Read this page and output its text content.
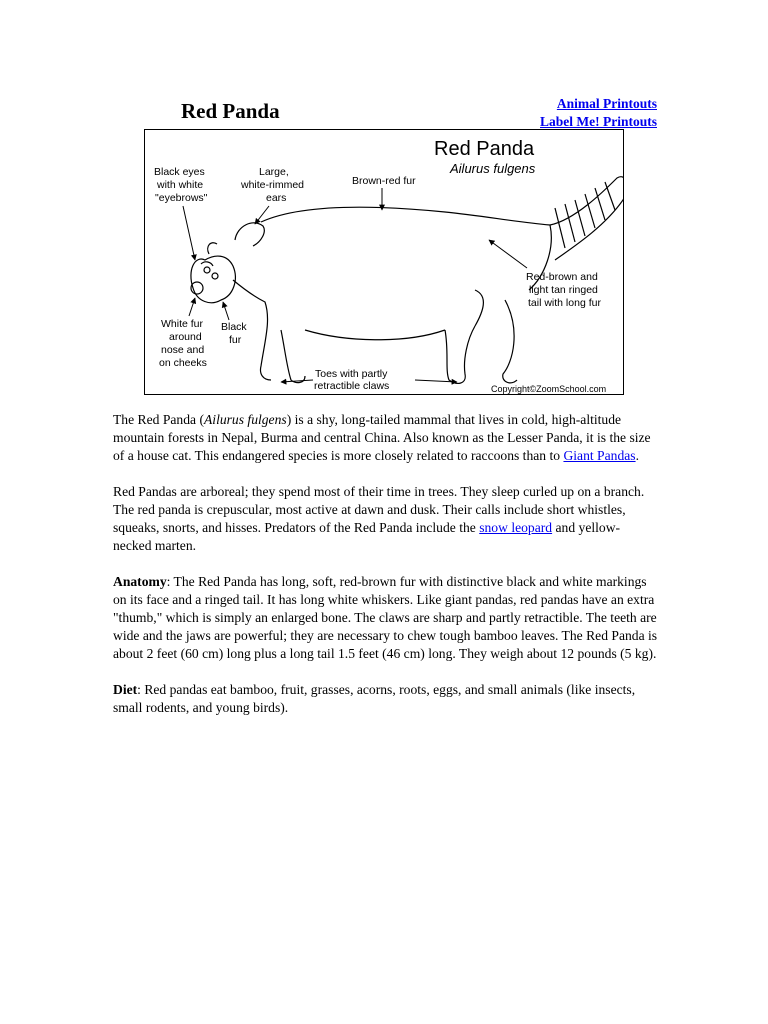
Red Panda	Animal Printouts
Label Me! Printouts
Red Panda
Ailurus fulgens
Black eyes with white "eyebrows"
Large, white-rimmed ears
Brown-red fur
Red-brown and light tan ringed tail with long fur
White fur around nose and on cheeks
Black fur
Toes with partly retractible claws	Copyright©ZoomSchool.com

The Red Panda (Ailurus fulgens) is a shy, long-tailed mammal that lives in cold, high-altitude mountain forests in Nepal, Burma and central China. Also known as the Lesser Panda, it is the size of a house cat. This endangered species is more closely related to raccoons than to Giant Pandas.

Red Pandas are arboreal; they spend most of their time in trees. They sleep curled up on a branch. The red panda is crepuscular, most active at dawn and dusk. Their calls include short whistles, squeaks, snorts, and hisses. Predators of the Red Panda include the snow leopard and yellow-necked marten.

Anatomy: The Red Panda has long, soft, red-brown fur with distinctive black and white markings on its face and a ringed tail. It has long white whiskers. Like giant pandas, red pandas have an extra "thumb," which is simply an enlarged bone. The claws are sharp and partly retractible. The teeth are wide and the jaws are powerful; they are necessary to chew tough bamboo leaves. The Red Panda is about 2 feet (60 cm) long plus a long tail 1.5 feet (46 cm) long. They weigh about 12 pounds (5 kg).

Diet: Red pandas eat bamboo, fruit, grasses, acorns, roots, eggs, and small animals (like insects, small rodents, and young birds).
